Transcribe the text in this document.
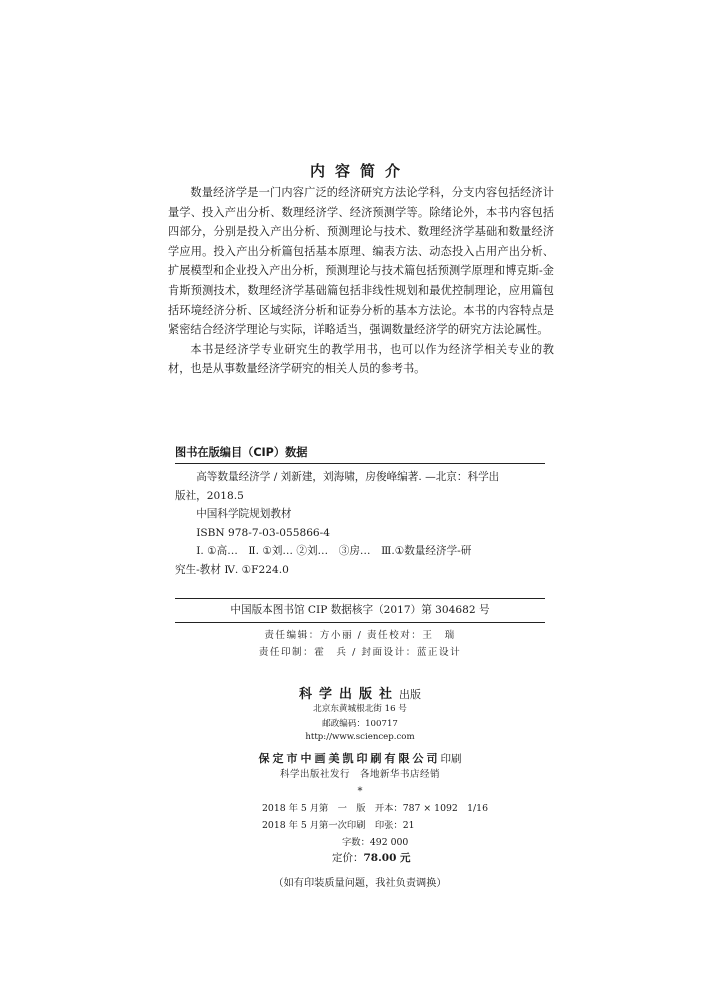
内容简介

数量经济学是一门内容广泛的经济研究方法论学科，分支内容包括经济计量学、投入产出分析、数理经济学、经济预测学等。除绪论外，本书内容包括四部分，分别是投入产出分析、预测理论与技术、数理经济学基础和数量经济学应用。投入产出分析篇包括基本原理、编表方法、动态投入占用产出分析、扩展模型和企业投入产出分析，预测理论与技术篇包括预测学原理和博克斯-金肯斯预测技术，数理经济学基础篇包括非线性规划和最优控制理论，应用篇包括环境经济分析、区域经济分析和证券分析的基本方法论。本书的内容特点是紧密结合经济学理论与实际，详略适当，强调数量经济学的研究方法论属性。

本书是经济学专业研究生的教学用书，也可以作为经济学相关专业的教材，也是从事数量经济学研究的相关人员的参考书。

图书在版编目（CIP）数据
高等数量经济学 / 刘新建，刘海啸，房俊峰编著. —北京：科学出
版社，2018.5
中国科学院规划教材
ISBN 978-7-03-055866-4
Ⅰ. ①高…　Ⅱ. ①刘… ②刘…　③房…　Ⅲ.①数量经济学-研
究生-教材 Ⅳ. ①F224.0
中国版本图书馆 CIP 数据核字（2017）第 304682 号
责任编辑：方小丽 / 责任校对：王　瑞
责任印制：霍　兵 / 封面设计：蓝正设计
科学出版社出版
北京东黄城根北街 16 号
邮政编码：100717
http://www.sciencep.com
保定市中画美凯印刷有限公司印刷
科学出版社发行　各地新华书店经销
*
2018 年 5 月第　一　版　开本：787 × 1092　1/16
2018 年 5 月第一次印刷　印张：21
字数：492 000
定价：78.00 元
（如有印装质量问题，我社负责调换）
